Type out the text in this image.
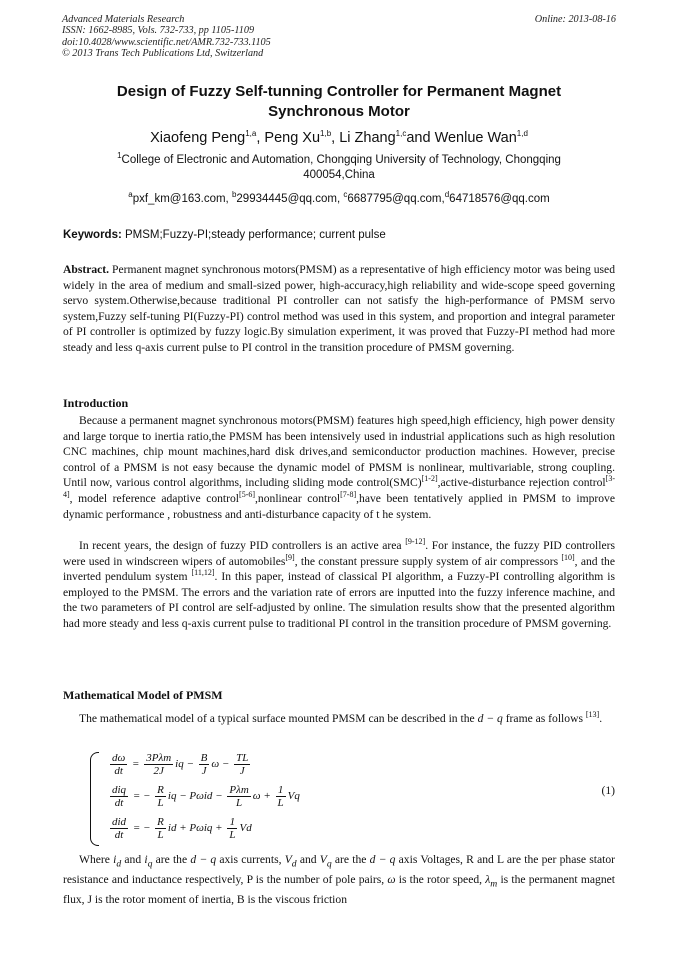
Advanced Materials Research
ISSN: 1662-8985, Vols. 732-733, pp 1105-1109
doi:10.4028/www.scientific.net/AMR.732-733.1105
© 2013 Trans Tech Publications Ltd, Switzerland
Online: 2013-08-16
Design of Fuzzy Self-tunning Controller for Permanent Magnet
Synchronous Motor
Xiaofeng Peng$^{1,a}$, Peng Xu$^{1,b}$, Li Zhang$^{1,c}$and Wenlue Wan$^{1,d}$
$^1$College of Electronic and Automation, Chongqing University of Technology, Chongqing
400054,China
$^a$pxf_km@163.com, $^b$29934445@qq.com, $^c$6687795@qq.com,$^d$64718576@qq.com
Keywords: PMSM;Fuzzy-PI;steady performance; current pulse
Abstract. Permanent magnet synchronous motors(PMSM) as a representative of high efficiency motor was being used widely in the area of medium and small-sized power, high-accuracy,high reliability and wide-scope speed governing servo system.Otherwise,because traditional PI controller can not satisfy the high-performance of PMSM servo system,Fuzzy self-tuning PI(Fuzzy-PI) control method was used in this system, and proportion and integral parameter of PI controller is optimized by fuzzy logic.By simulation experiment, it was proved that Fuzzy-PI method had more steady and less q-axis current pulse to PI control in the transition procedure of PMSM governing.
Introduction
Because a permanent magnet synchronous motors(PMSM) features high speed,high efficiency, high power density and large torque to inertia ratio,the PMSM has been intensively used in industrial applications such as high resolution CNC machines, chip mount machines,hard disk drives,and semiconductor production machines. However, precise control of a PMSM is not easy because the dynamic model of PMSM is nonlinear, multivariable, strong coupling. Until now, various control algorithms, including sliding mode control(SMC)[1-2],active-disturbance rejection control[3-4], model reference adaptive control[5-6],nonlinear control[7-8],have been tentatively applied in PMSM to improve dynamic performance , robustness and anti-disturbance capacity of t he system.
In recent years, the design of fuzzy PID controllers is an active area [9-12]. For instance, the fuzzy PID controllers were used in windscreen wipers of automobiles[9], the constant pressure supply system of air compressors [10], and the inverted pendulum system [11,12]. In this paper, instead of classical PI algorithm, a Fuzzy-PI controlling algorithm is employed to the PMSM. The errors and the variation rate of errors are inputted into the fuzzy inference machine, and the two parameters of PI control are self-adjusted by online. The simulation results show that the presented algorithm had more steady and less q-axis current pulse to traditional PI control in the transition procedure of PMSM governing.
Mathematical Model of PMSM
The mathematical model of a typical surface mounted PMSM can be described in the d − q frame as follows [13].
$\frac{d\omega}{dt} = \frac{\text{3Pλm}}{2J}$ iq − $\frac{B}{J}$ $\omega - \frac{TL}{J}$
$\frac{\text{diq}}{dt}$ = − $\frac{R}{L}$ iq − $P\omega id - \frac{\text{Pλm}}{L}$ $\omega + \frac{1}{L}$ Vq
$\frac{\text{did}}{dt}$ = − $\frac{R}{L}$ id + $P\omega iq + \frac{1}{L}$ Vd
(1)
Where $i_d$ and $i_q$ are the d − q axis currents, $V_d$ and $V_q$ are the d − q axis Voltages, R and L are the per phase stator resistance and inductance respectively, P is the number of pole pairs, ω is the rotor speed, $\lambda_m$ is the permanent magnet flux, J is the rotor moment of inertia, B is the viscous friction
